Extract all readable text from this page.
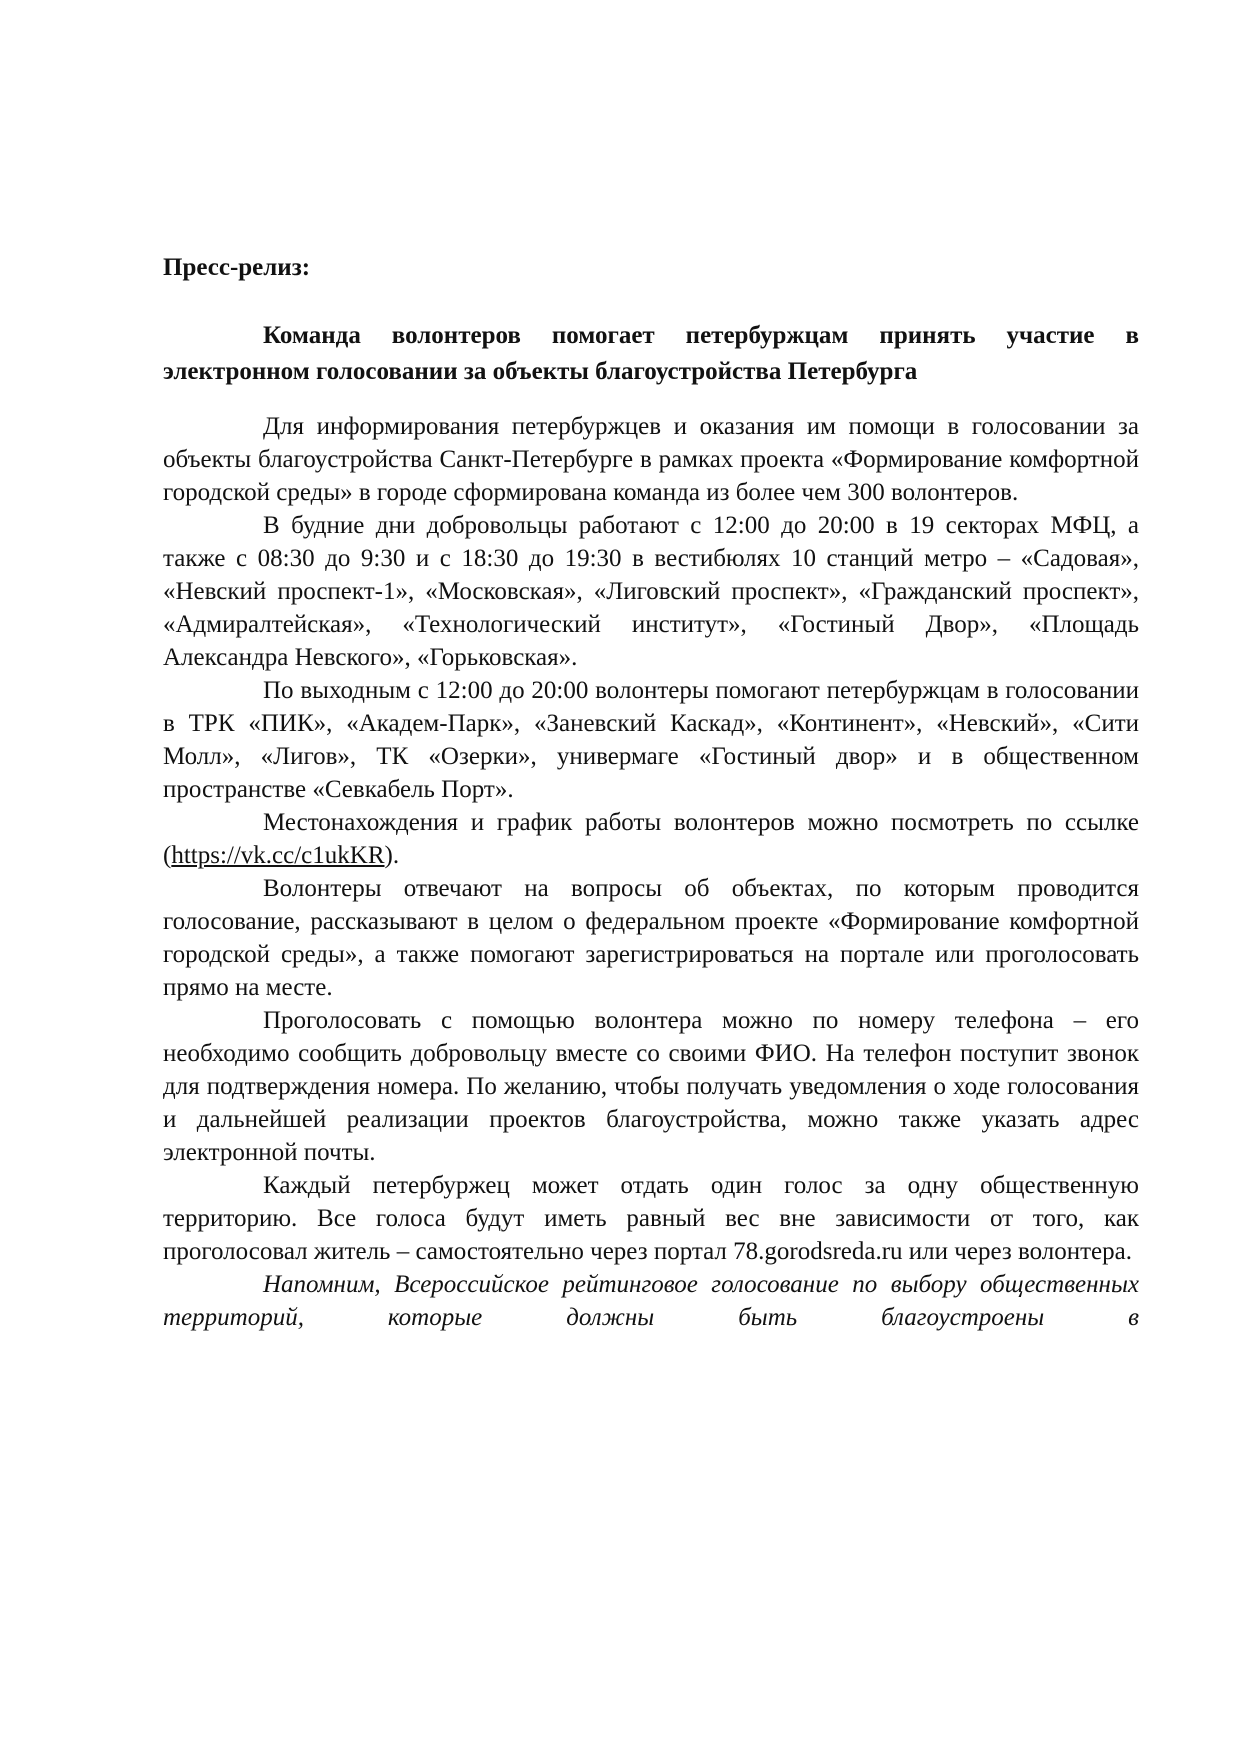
Пресс-релиз:

Команда волонтеров помогает петербуржцам принять участие в электронном голосовании за объекты благоустройства Петербурга

Для информирования петербуржцев и оказания им помощи в голосовании за объекты благоустройства Санкт-Петербурге в рамках проекта «Формирование комфортной городской среды» в городе сформирована команда из более чем 300 волонтеров.

В будние дни добровольцы работают с 12:00 до 20:00 в 19 секторах МФЦ, а также с 08:30 до 9:30 и с 18:30 до 19:30 в вестибюлях 10 станций метро – «Садовая», «Невский проспект-1», «Московская», «Лиговский проспект», «Гражданский проспект», «Адмиралтейская», «Технологический институт», «Гостиный Двор», «Площадь Александра Невского», «Горьковская».

По выходным с 12:00 до 20:00 волонтеры помогают петербуржцам в голосовании в ТРК «ПИК», «Академ-Парк», «Заневский Каскад», «Континент», «Невский», «Сити Молл», «Лигов», ТК «Озерки», универмаге «Гостиный двор» и в общественном пространстве «Севкабель Порт».

Местонахождения и график работы волонтеров можно посмотреть по ссылке (https://vk.cc/c1ukKR).

Волонтеры отвечают на вопросы об объектах, по которым проводится голосование, рассказывают в целом о федеральном проекте «Формирование комфортной городской среды», а также помогают зарегистрироваться на портале или проголосовать прямо на месте.

Проголосовать с помощью волонтера можно по номеру телефона – его необходимо сообщить добровольцу вместе со своими ФИО. На телефон поступит звонок для подтверждения номера. По желанию, чтобы получать уведомления о ходе голосования и дальнейшей реализации проектов благоустройства, можно также указать адрес электронной почты.

Каждый петербуржец может отдать один голос за одну общественную территорию. Все голоса будут иметь равный вес вне зависимости от того, как проголосовал житель – самостоятельно через портал 78.gorodsreda.ru или через волонтера.

Напомним, Всероссийское рейтинговое голосование по выбору общественных территорий, которые должны быть благоустроены в
